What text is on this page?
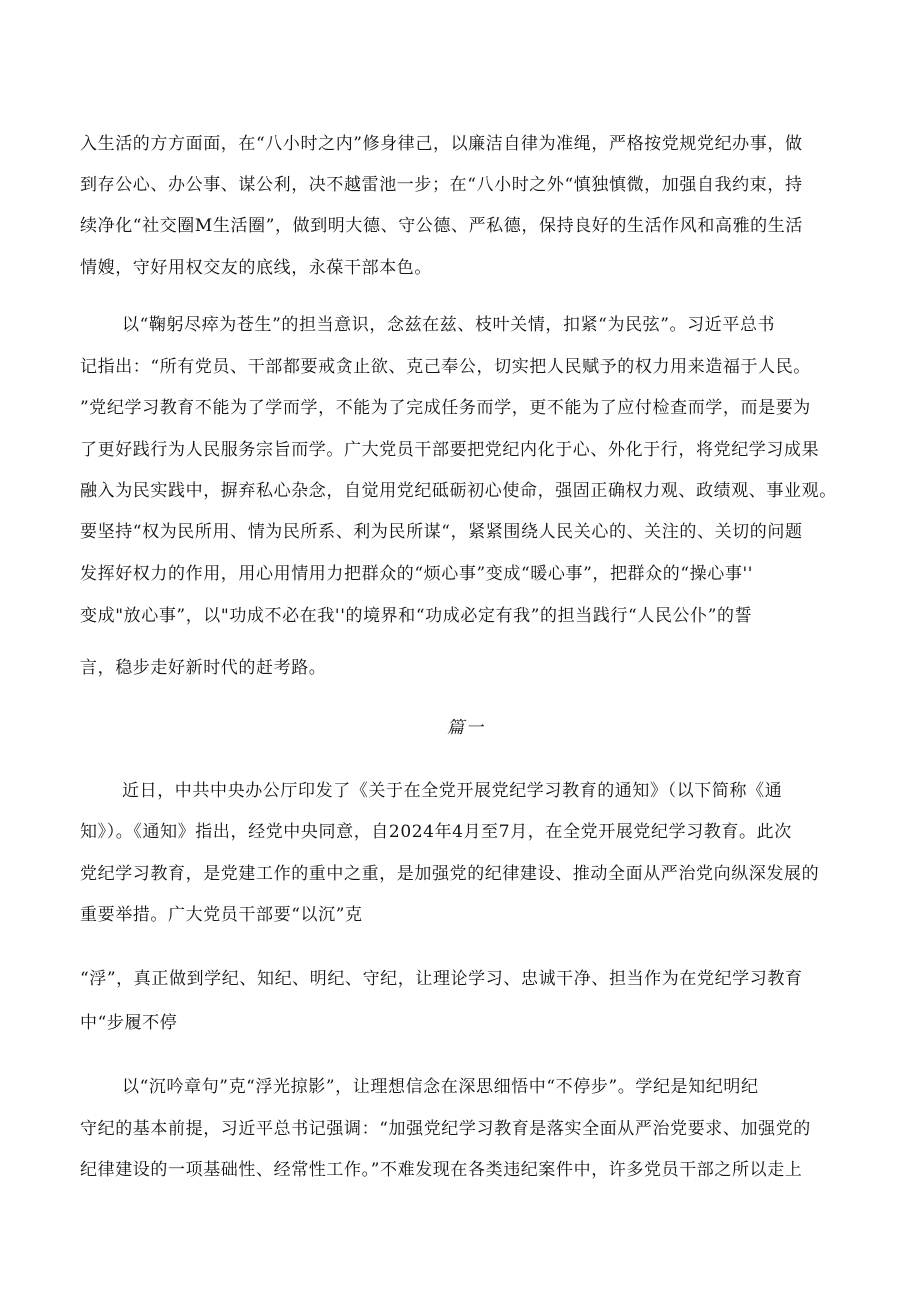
入生活的方方面面，在“八小时之内”修身律己，以廉洁自律为准绳，严格按党规党纪办事，做
到存公心、办公事、谋公利，决不越雷池一步；在“八小时之外“慎独慎微，加强自我约束，持
续净化“社交圈M生活圈”，做到明大德、守公德、严私德，保持良好的生活作风和高雅的生活
情嫂，守好用权交友的底线，永葆干部本色。
以“鞠躬尽瘁为苍生”的担当意识，念兹在兹、枝叶关情，扣紧“为民弦”。习近平总书
记指出：“所有党员、干部都要戒贪止欲、克己奉公，切实把人民赋予的权力用来造福于人民。
”党纪学习教育不能为了学而学，不能为了完成任务而学，更不能为了应付检查而学，而是要为
了更好践行为人民服务宗旨而学。广大党员干部要把党纪内化于心、外化于行，将党纪学习成果
融入为民实践中，摒弃私心杂念，自觉用党纪砥砺初心使命，强固正确权力观、政绩观、事业观。
要坚持“权为民所用、情为民所系、利为民所谋“，紧紧围绕人民关心的、关注的、关切的问题
发挥好权力的作用，用心用情用力把群众的“烦心事”变成“暖心事”，把群众的“操心事''
变成"放心事”，以"功成不必在我''的境界和“功成必定有我”的担当践行“人民公仆”的誓
言，稳步走好新时代的赶考路。
篇一
近日，中共中央办公厅印发了《关于在全党开展党纪学习教育的通知》（以下简称《通
知》）。《通知》指出，经党中央同意，自2024年4月至7月，在全党开展党纪学习教育。此次
党纪学习教育，是党建工作的重中之重，是加强党的纪律建设、推动全面从严治党向纵深发展的
重要举措。广大党员干部要“以沉”克
“浮”，真正做到学纪、知纪、明纪、守纪，让理论学习、忠诚干净、担当作为在党纪学习教育
中“步履不停
以“沉吟章句”克“浮光掠影”，让理想信念在深思细悟中“不停步”。学纪是知纪明纪
守纪的基本前提，习近平总书记强调：“加强党纪学习教育是落实全面从严治党要求、加强党的
纪律建设的一项基础性、经常性工作。”不难发现在各类违纪案件中，许多党员干部之所以走上
